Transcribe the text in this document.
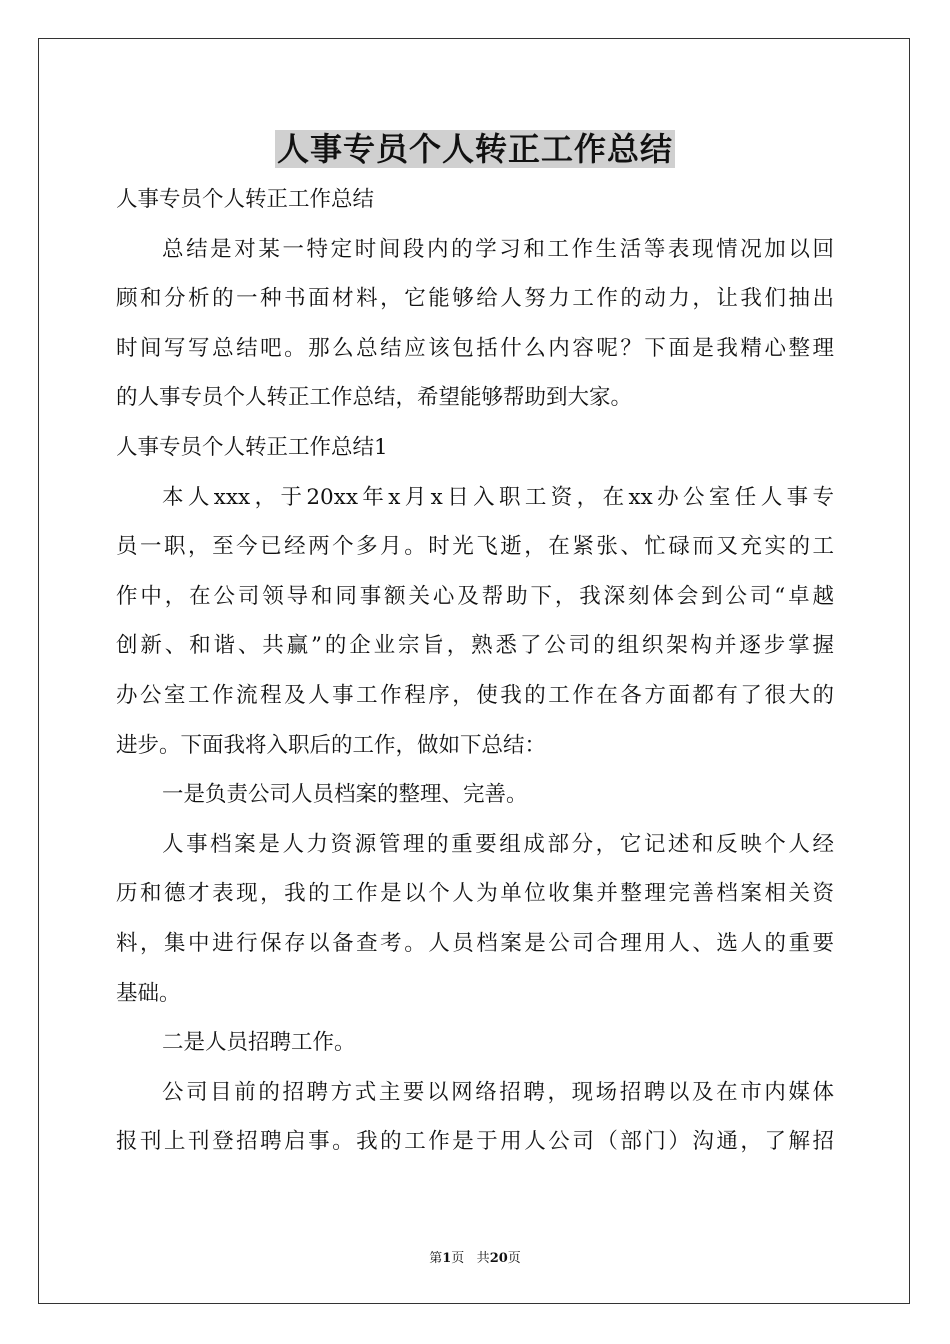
人事专员个人转正工作总结
人事专员个人转正工作总结
总结是对某一特定时间段内的学习和工作生活等表现情况加以回
顾和分析的一种书面材料，它能够给人努力工作的动力，让我们抽出
时间写写总结吧。那么总结应该包括什么内容呢？下面是我精心整理
的人事专员个人转正工作总结，希望能够帮助到大家。
人事专员个人转正工作总结1
本人xxx，于20xx年x月x日入职工资，在xx办公室任人事专
员一职，至今已经两个多月。时光飞逝，在紧张、忙碌而又充实的工
作中，在公司领导和同事额关心及帮助下，我深刻体会到公司“卓越
创新、和谐、共赢”的企业宗旨，熟悉了公司的组织架构并逐步掌握
办公室工作流程及人事工作程序，使我的工作在各方面都有了很大的
进步。下面我将入职后的工作，做如下总结：
一是负责公司人员档案的整理、完善。
人事档案是人力资源管理的重要组成部分，它记述和反映个人经
历和德才表现，我的工作是以个人为单位收集并整理完善档案相关资
料，集中进行保存以备查考。人员档案是公司合理用人、选人的重要
基础。
二是人员招聘工作。
公司目前的招聘方式主要以网络招聘，现场招聘以及在市内媒体
报刊上刊登招聘启事。我的工作是于用人公司（部门）沟通，了解招
第1页 共20页
